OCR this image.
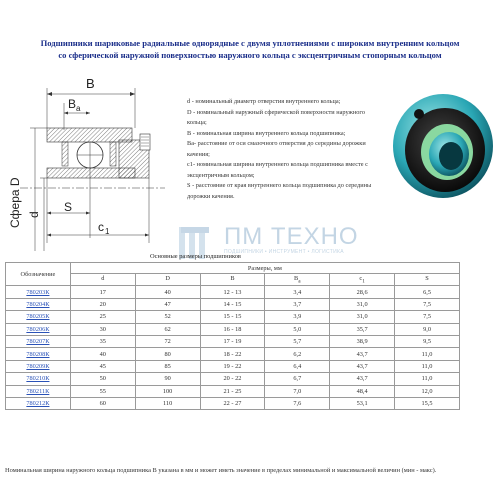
Подшипники шариковые радиальные однорядные с двумя уплотнениями с широким внутренним кольцом
со сферической наружной поверхностью наружного кольца с эксцентричным стопорным кольцом
B
B a
Сфера D d
S
c 1

d - номинальный диаметр отверстия внутреннего кольца;

D - номинальный наружный сферической поверхности наружного кольца;

B - номинальная ширина внутреннего кольца подшипника;

Ba- расстояние от оси смазочного отверстия до середины дорожки качения;

c1- номинальная ширина внутреннего кольца подшипника вместе с эксцентричным кольцом;

S - расстояние от края внутреннего кольца подшипника до середины дорожки качения.

ПМ ТЕХНО
ПОДШИПНИКИ • ИНСТРУМЕНТ • ЛОГИСТИКА
Основные размеры подшипников
Обозначение	Размеры, мм					
	d	D	B	$B_a$	$c_1$	S
780203К	17	40	12 - 13	3,4	28,6	6,5
780204К	20	47	14 - 15	3,7	31,0	7,5
780205К	25	52	15 - 15	3,9	31,0	7,5
780206К	30	62	16 - 18	5,0	35,7	9,0
780207К	35	72	17 - 19	5,7	38,9	9,5
780208К	40	80	18 - 22	6,2	43,7	11,0
780209К	45	85	19 - 22	6,4	43,7	11,0
780210К	50	90	20 - 22	6,7	43,7	11,0
780211К	55	100	21 - 25	7,0	48,4	12,0
780212К	60	110	22 - 27	7,6	53,1	15,5
Номинальная ширина наружного кольца подшипника B указана в мм и может иметь значение в пределах минимальной и максимальной величин (мин - макс).
